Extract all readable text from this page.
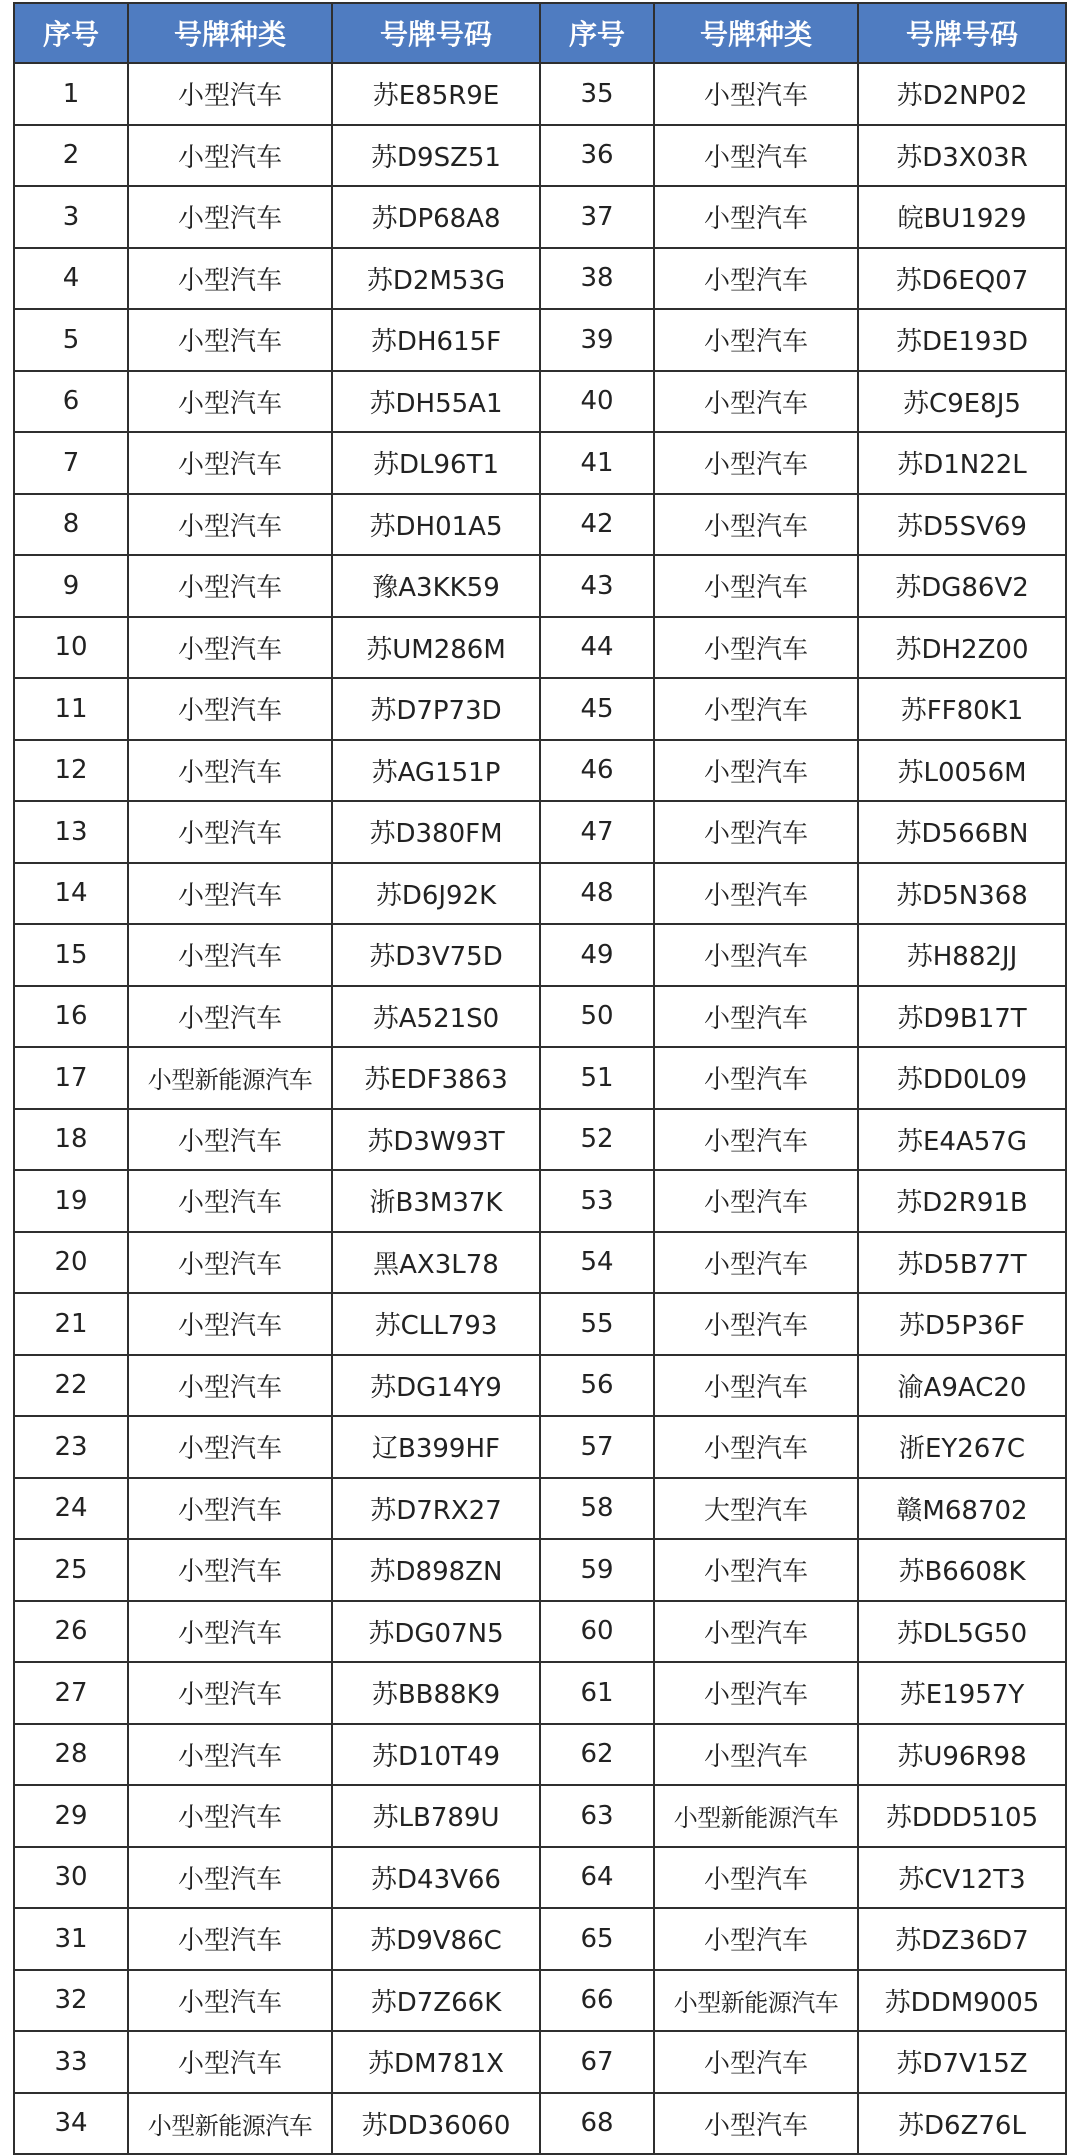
序号	号牌种类	号牌号码	序号	号牌种类	号牌号码
1	小型汽车	苏E85R9E	35	小型汽车	苏D2NP02
2	小型汽车	苏D9SZ51	36	小型汽车	苏D3X03R
3	小型汽车	苏DP68A8	37	小型汽车	皖BU1929
4	小型汽车	苏D2M53G	38	小型汽车	苏D6EQ07
5	小型汽车	苏DH615F	39	小型汽车	苏DE193D
6	小型汽车	苏DH55A1	40	小型汽车	苏C9E8J5
7	小型汽车	苏DL96T1	41	小型汽车	苏D1N22L
8	小型汽车	苏DH01A5	42	小型汽车	苏D5SV69
9	小型汽车	豫A3KK59	43	小型汽车	苏DG86V2
10	小型汽车	苏UM286M	44	小型汽车	苏DH2Z00
11	小型汽车	苏D7P73D	45	小型汽车	苏FF80K1
12	小型汽车	苏AG151P	46	小型汽车	苏L0056M
13	小型汽车	苏D380FM	47	小型汽车	苏D566BN
14	小型汽车	苏D6J92K	48	小型汽车	苏D5N368
15	小型汽车	苏D3V75D	49	小型汽车	苏H882JJ
16	小型汽车	苏A521S0	50	小型汽车	苏D9B17T
17	小型新能源汽车	苏EDF3863	51	小型汽车	苏DD0L09
18	小型汽车	苏D3W93T	52	小型汽车	苏E4A57G
19	小型汽车	浙B3M37K	53	小型汽车	苏D2R91B
20	小型汽车	黑AX3L78	54	小型汽车	苏D5B77T
21	小型汽车	苏CLL793	55	小型汽车	苏D5P36F
22	小型汽车	苏DG14Y9	56	小型汽车	渝A9AC20
23	小型汽车	辽B399HF	57	小型汽车	浙EY267C
24	小型汽车	苏D7RX27	58	大型汽车	赣M68702
25	小型汽车	苏D898ZN	59	小型汽车	苏B6608K
26	小型汽车	苏DG07N5	60	小型汽车	苏DL5G50
27	小型汽车	苏BB88K9	61	小型汽车	苏E1957Y
28	小型汽车	苏D10T49	62	小型汽车	苏U96R98
29	小型汽车	苏LB789U	63	小型新能源汽车	苏DDD5105
30	小型汽车	苏D43V66	64	小型汽车	苏CV12T3
31	小型汽车	苏D9V86C	65	小型汽车	苏DZ36D7
32	小型汽车	苏D7Z66K	66	小型新能源汽车	苏DDM9005
33	小型汽车	苏DM781X	67	小型汽车	苏D7V15Z
34	小型新能源汽车	苏DD36060	68	小型汽车	苏D6Z76L
